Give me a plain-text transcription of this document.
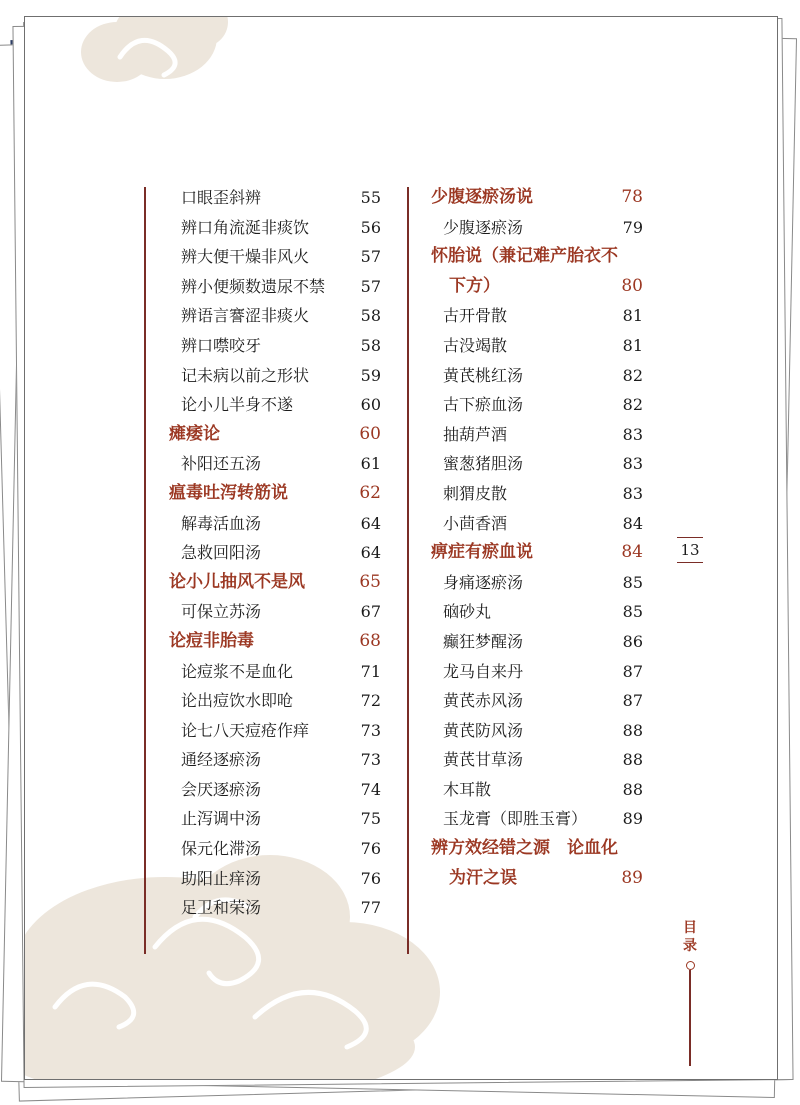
口眼歪斜辨	55
辨口角流涎非痰饮	56
辨大便干燥非风火	57
辨小便频数遗尿不禁 57
辨语言謇涩非痰火	58
辨口噤咬牙	58
记未病以前之形状	59
论小儿半身不遂	60
瘫痿论	60
补阳还五汤	61
瘟毒吐泻转筋说	62
解毒活血汤	64
急救回阳汤	64
论小儿抽风不是风	65
可保立苏汤	67
论痘非胎毒	68
论痘浆不是血化	71
论出痘饮水即呛	72
论七八天痘疮作痒	73
通经逐瘀汤	73
会厌逐瘀汤	74
止泻调中汤	75
保元化滞汤	76
助阳止痒汤	76
足卫和荣汤	77
少腹逐瘀汤说	78
少腹逐瘀汤	79
怀胎说（兼记难产胎衣不
下方）	80
古开骨散	81
古没竭散	81
黄芪桃红汤	82
古下瘀血汤	82
抽葫芦酒	83
蜜葱猪胆汤	83
刺猬皮散	83
小茴香酒	84
痹症有瘀血说	84
身痛逐瘀汤	85
硇砂丸	85
癫狂梦醒汤	86
龙马自来丹	87
黄芪赤风汤	87
黄芪防风汤	88
黄芪甘草汤	88
木耳散	88
玉龙膏（即胜玉膏） 89
辨方效经错之源　论血化
为汗之误	89
13
目
录
